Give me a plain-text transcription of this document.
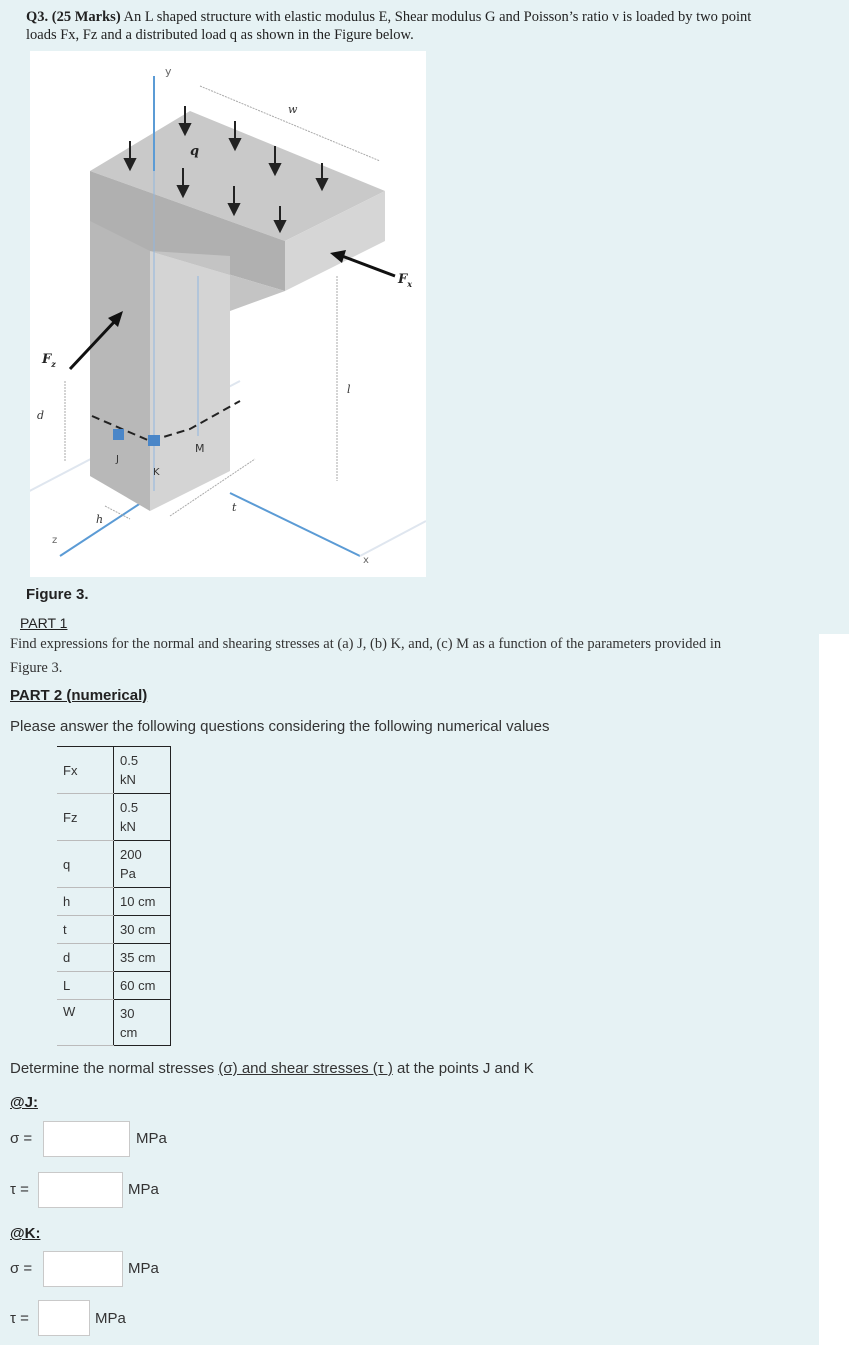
Q3. (25 Marks) An L shaped structure with elastic modulus E, Shear modulus G and Poisson’s ratio ν is loaded by two point
loads Fx, Fz and a distributed load q as shown in the Figure below.
y
w
q
$F_x$
$F_z$
d
l
J
K
M
h
t
z
x
Figure 3.
PART 1
Find expressions for the normal and shearing stresses at (a) J, (b) K, and, (c) M as a function of the parameters provided in
Figure 3.
PART 2 (numerical)
Please answer the following questions considering the following numerical values
Fx	0.5
kN

Fz	0.5
kN

q	200
Pa

h	10 cm
t	30 cm
d	35 cm
L	60 cm
W	30
cm
Determine the normal stresses (σ) and shear stresses (τ ) at the points J and K
@J:
σ =	MPa
τ =	MPa
@K:
σ =	MPa
τ =	MPa
